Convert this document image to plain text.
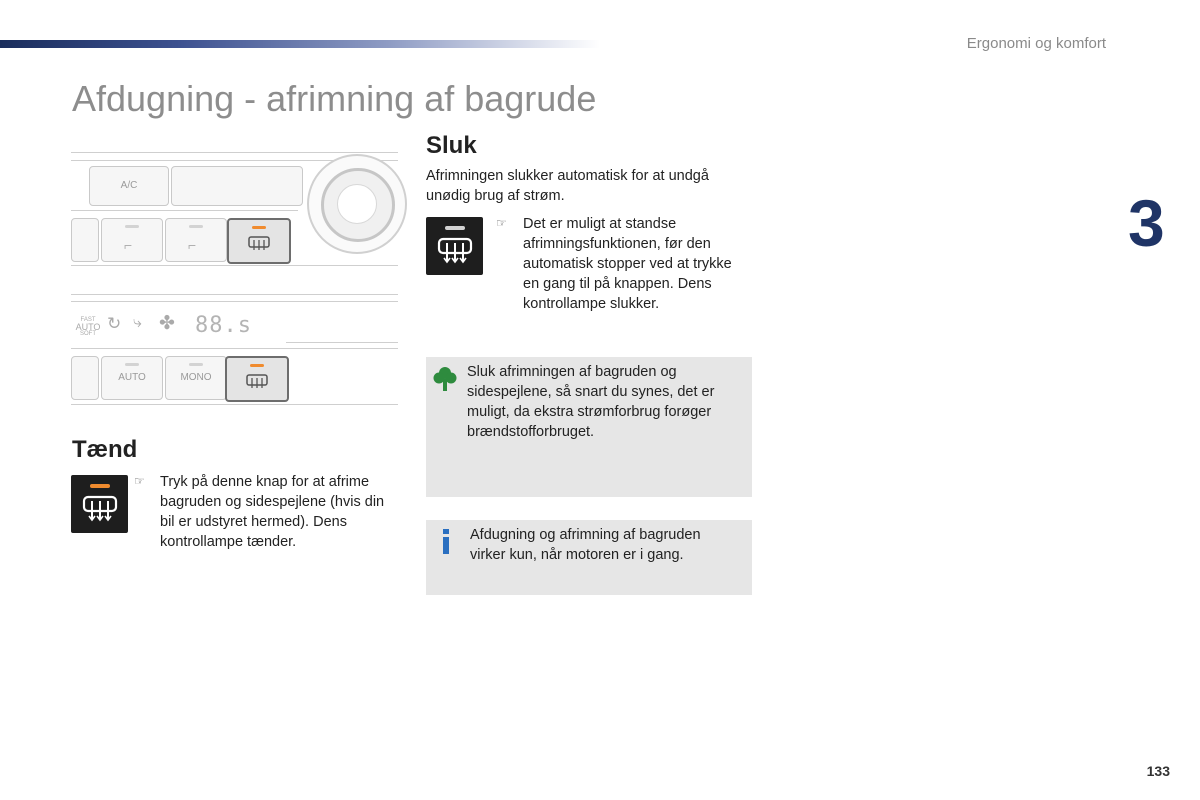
Ergonomi og komfort
Afdugning - afrimning af bagrude
3
133
A/C
⌐	⌐
FAST
AUTO
SOFT
↻ ⤷ ✤ 88.s
AUTO	MONO
Tænd
☞ Tryk på denne knap for at afrime bagruden og sidespejlene (hvis din bil er udstyret hermed). Dens kontrollampe tænder.
Sluk
Afrimningen slukker automatisk for at undgå unødig brug af strøm.
☞ Det er muligt at standse afrimningsfunktionen, før den automatisk stopper ved at trykke en gang til på knappen. Dens kontrollampe slukker.
Sluk afrimningen af bagruden og sidespejlene, så snart du synes, det er muligt, da ekstra strømforbrug forøger brændstofforbruget.
Afdugning og afrimning af bagruden virker kun, når motoren er i gang.
